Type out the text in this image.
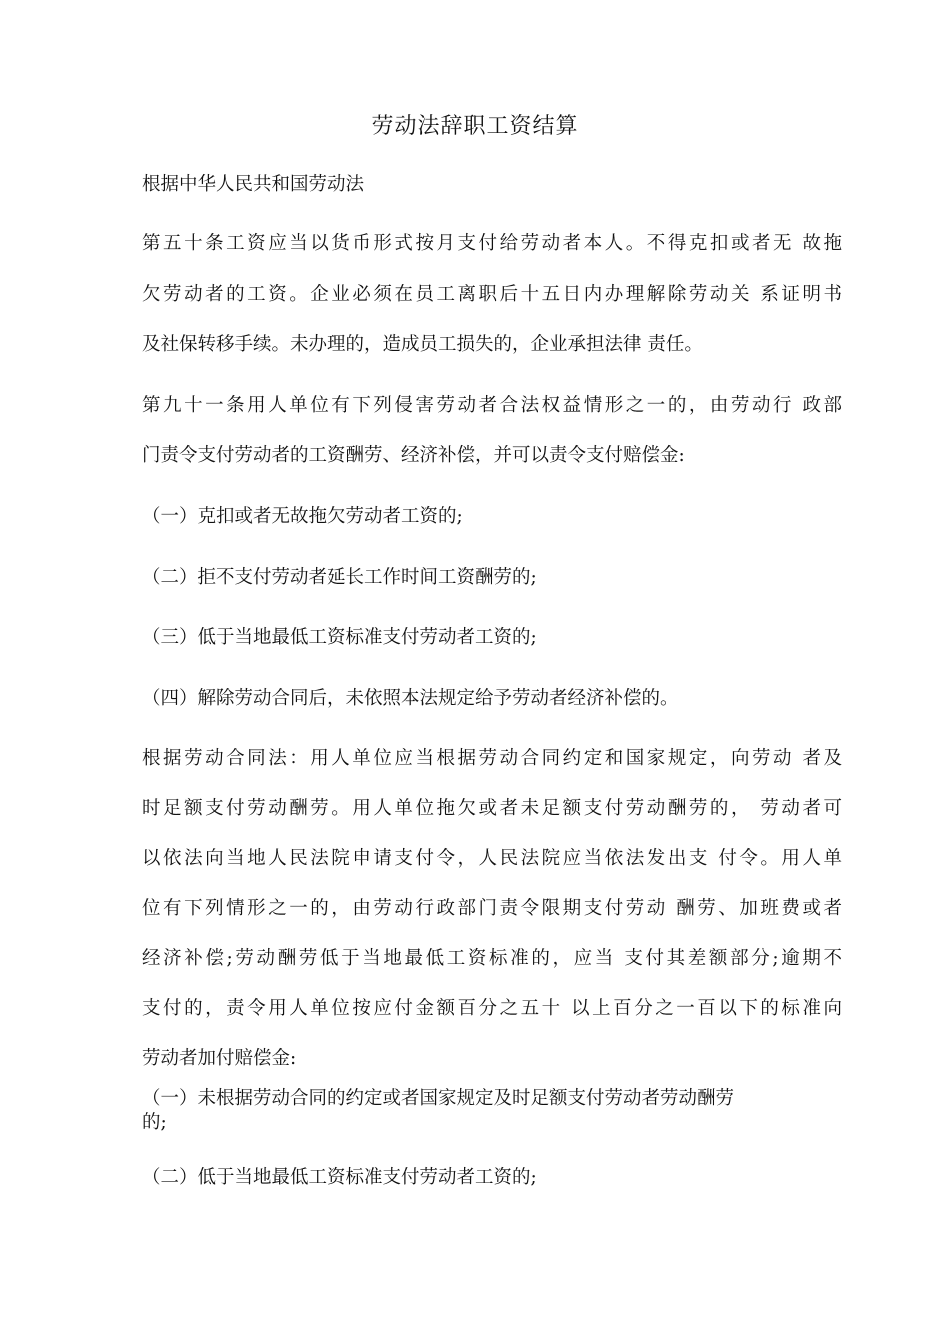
劳动法辞职工资结算
根据中华人民共和国劳动法
第五十条工资应当以货币形式按月支付给劳动者本人。不得克扣或者无 故拖
欠劳动者的工资。企业必须在员工离职后十五日内办理解除劳动关 系证明书
及社保转移手续。未办理的，造成员工损失的，企业承担法律 责任。
第九十一条用人单位有下列侵害劳动者合法权益情形之一的，由劳动行 政部
门责令支付劳动者的工资酬劳、经济补偿，并可以责令支付赔偿金:
（一）克扣或者无故拖欠劳动者工资的;
（二）拒不支付劳动者延长工作时间工资酬劳的;
（三）低于当地最低工资标准支付劳动者工资的;
（四）解除劳动合同后，未依照本法规定给予劳动者经济补偿的。
根据劳动合同法：用人单位应当根据劳动合同约定和国家规定，向劳动 者及
时足额支付劳动酬劳。用人单位拖欠或者未足额支付劳动酬劳的， 劳动者可
以依法向当地人民法院申请支付令，人民法院应当依法发出支 付令。用人单
位有下列情形之一的，由劳动行政部门责令限期支付劳动 酬劳、加班费或者
经济补偿;劳动酬劳低于当地最低工资标准的，应当 支付其差额部分;逾期不
支付的，责令用人单位按应付金额百分之五十 以上百分之一百以下的标准向
劳动者加付赔偿金:
（一）未根据劳动合同的约定或者国家规定及时足额支付劳动者劳动酬劳
的;
（二）低于当地最低工资标准支付劳动者工资的;
